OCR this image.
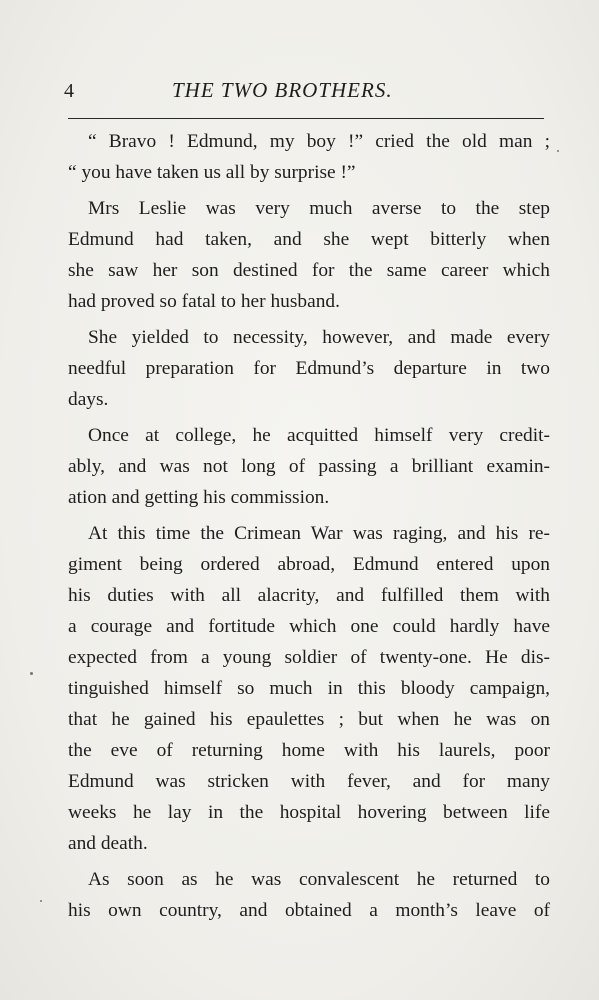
4	THE TWO BROTHERS.
“ Bravo ! Edmund, my boy !” cried the old man ;
“ you have taken us all by surprise !”
Mrs Leslie was very much averse to the step
Edmund had taken, and she wept bitterly when
she saw her son destined for the same career which
had proved so fatal to her husband.
She yielded to necessity, however, and made every
needful preparation for Edmund’s departure in two
days.
Once at college, he acquitted himself very credit-
ably, and was not long of passing a brilliant examin-
ation and getting his commission.
At this time the Crimean War was raging, and his re-
giment being ordered abroad, Edmund entered upon
his duties with all alacrity, and fulfilled them with
a courage and fortitude which one could hardly have
expected from a young soldier of twenty-one. He dis-
tinguished himself so much in this bloody campaign,
that he gained his epaulettes ; but when he was on
the eve of returning home with his laurels, poor
Edmund was stricken with fever, and for many
weeks he lay in the hospital hovering between life
and death.
As soon as he was convalescent he returned to
his own country, and obtained a month’s leave of
